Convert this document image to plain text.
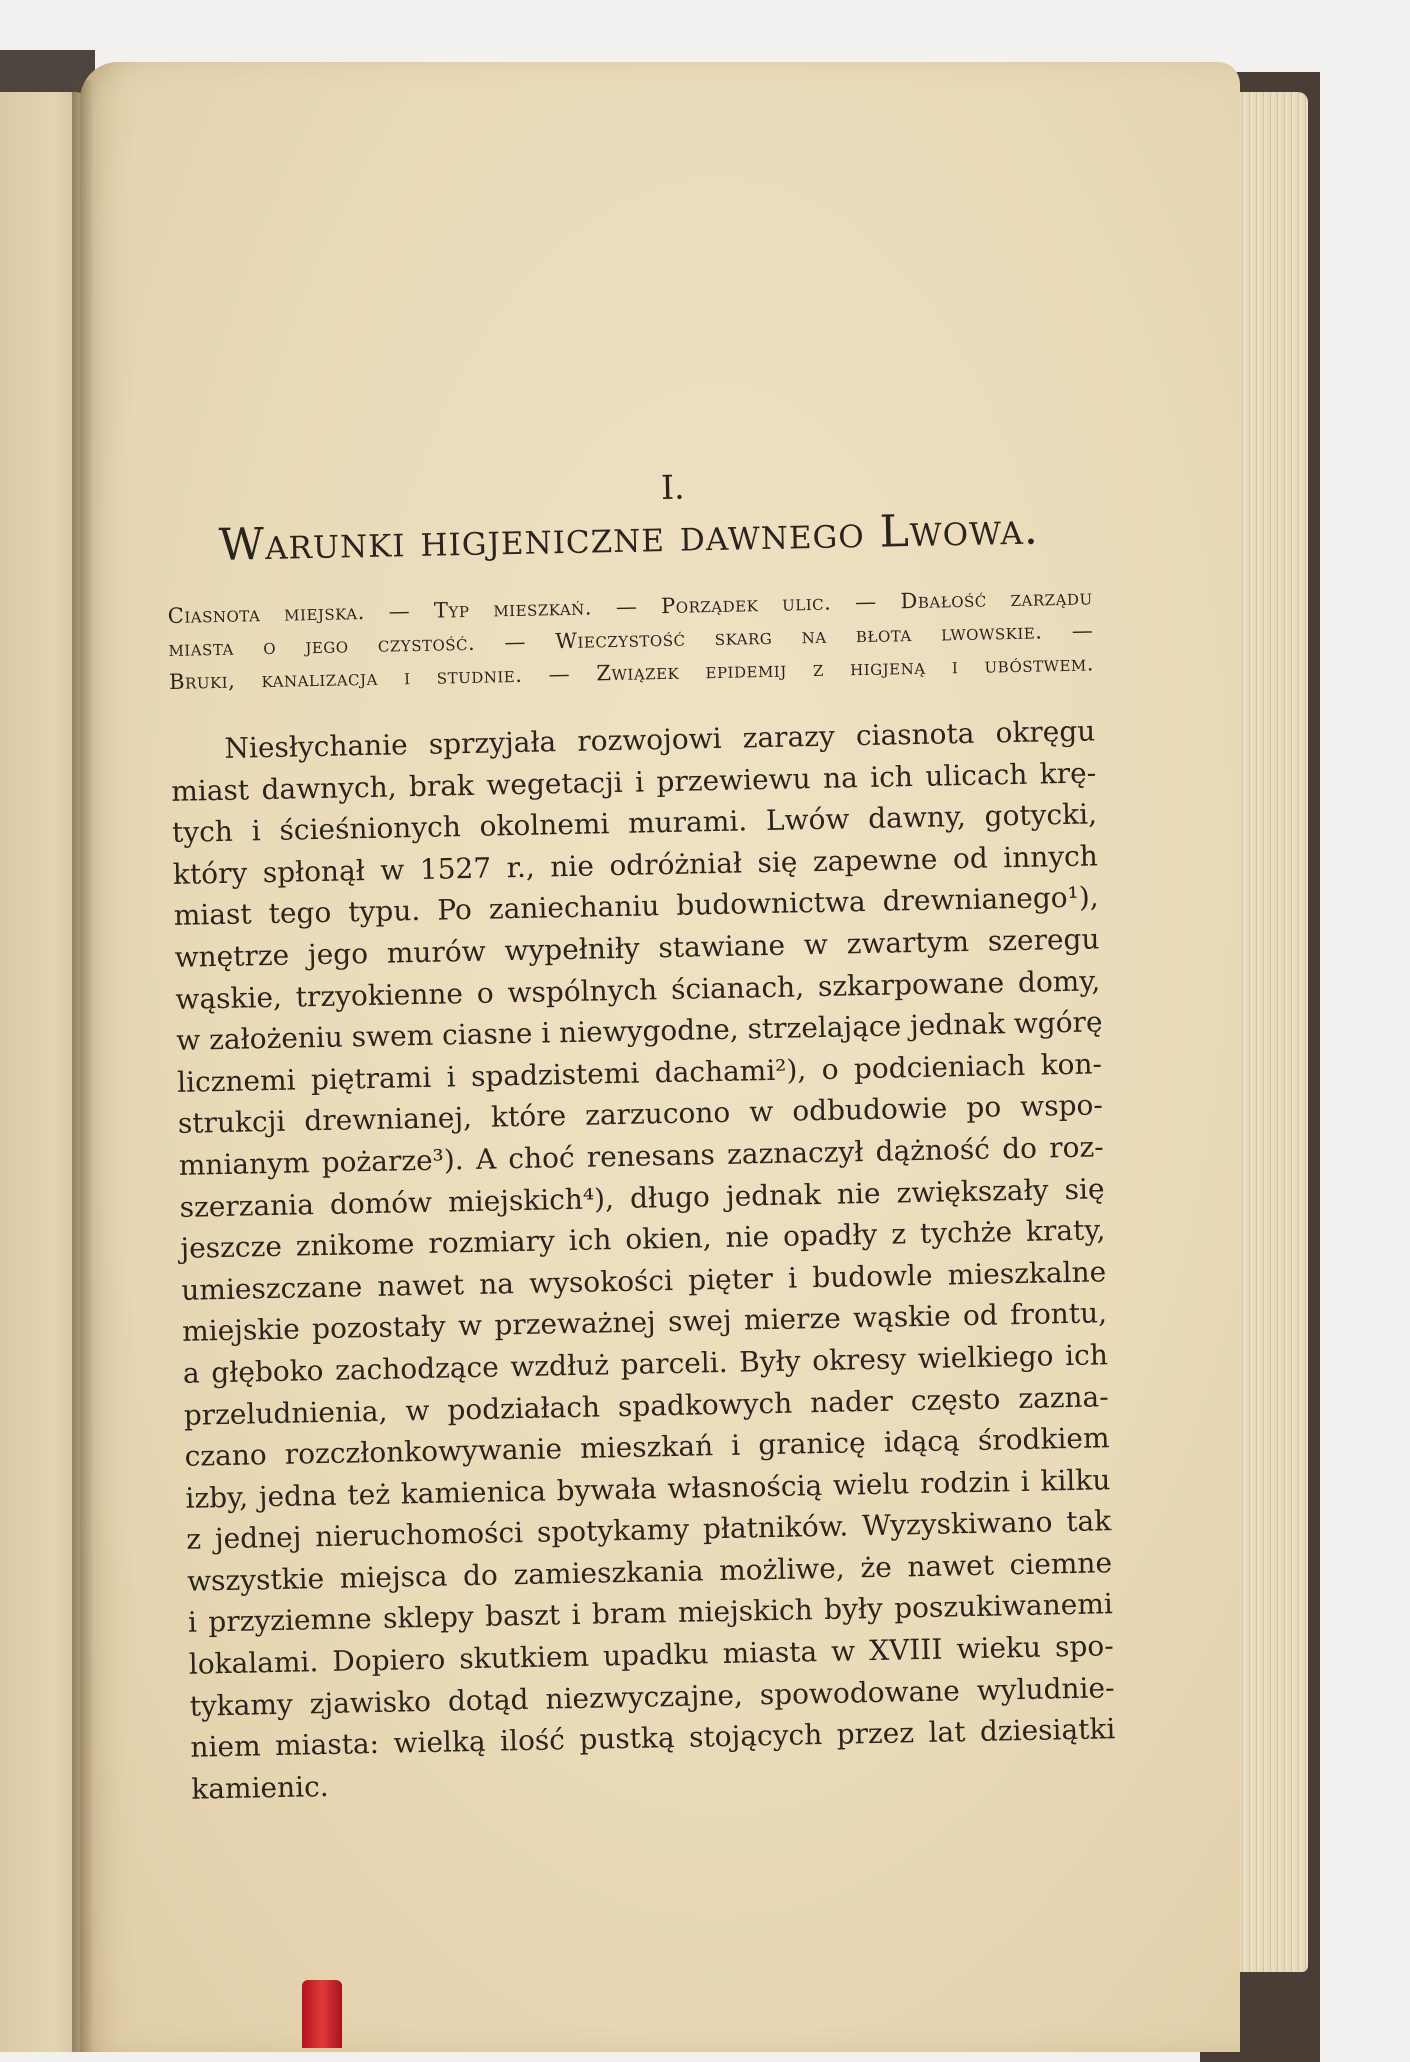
I.
Warunki higjeniczne dawnego Lwowa.
Ciasnota miejska. — Typ mieszkań. — Porządek ulic. — Dbałość zarządu
miasta o jego czystość. — Wieczystość skarg na błota lwowskie. —
Bruki, kanalizacja i studnie. — Związek epidemij z higjeną i ubóstwem.
Niesłychanie sprzyjała rozwojowi zarazy ciasnota okręgu
miast dawnych, brak wegetacji i przewiewu na ich ulicach krę-
tych i ścieśnionych okolnemi murami. Lwów dawny, gotycki,
który spłonął w 1527 r., nie odróżniał się zapewne od innych
miast tego typu. Po zaniechaniu budownictwa drewnianego¹),
wnętrze jego murów wypełniły stawiane w zwartym szeregu
wąskie, trzyokienne o wspólnych ścianach, szkarpowane domy,
w założeniu swem ciasne i niewygodne, strzelające jednak wgórę
licznemi piętrami i spadzistemi dachami²), o podcieniach kon-
strukcji drewnianej, które zarzucono w odbudowie po wspo-
mnianym pożarze³). A choć renesans zaznaczył dążność do roz-
szerzania domów miejskich⁴), długo jednak nie zwiększały się
jeszcze znikome rozmiary ich okien, nie opadły z tychże kraty,
umieszczane nawet na wysokości pięter i budowle mieszkalne
miejskie pozostały w przeważnej swej mierze wąskie od frontu,
a głęboko zachodzące wzdłuż parceli. Były okresy wielkiego ich
przeludnienia, w podziałach spadkowych nader często zazna-
czano rozczłonkowywanie mieszkań i granicę idącą środkiem
izby, jedna też kamienica bywała własnością wielu rodzin i kilku
z jednej nieruchomości spotykamy płatników. Wyzyskiwano tak
wszystkie miejsca do zamieszkania możliwe, że nawet ciemne
i przyziemne sklepy baszt i bram miejskich były poszukiwanemi
lokalami. Dopiero skutkiem upadku miasta w XVIII wieku spo-
tykamy zjawisko dotąd niezwyczajne, spowodowane wyludnie-
niem miasta: wielką ilość pustką stojących przez lat dziesiątki
kamienic.
